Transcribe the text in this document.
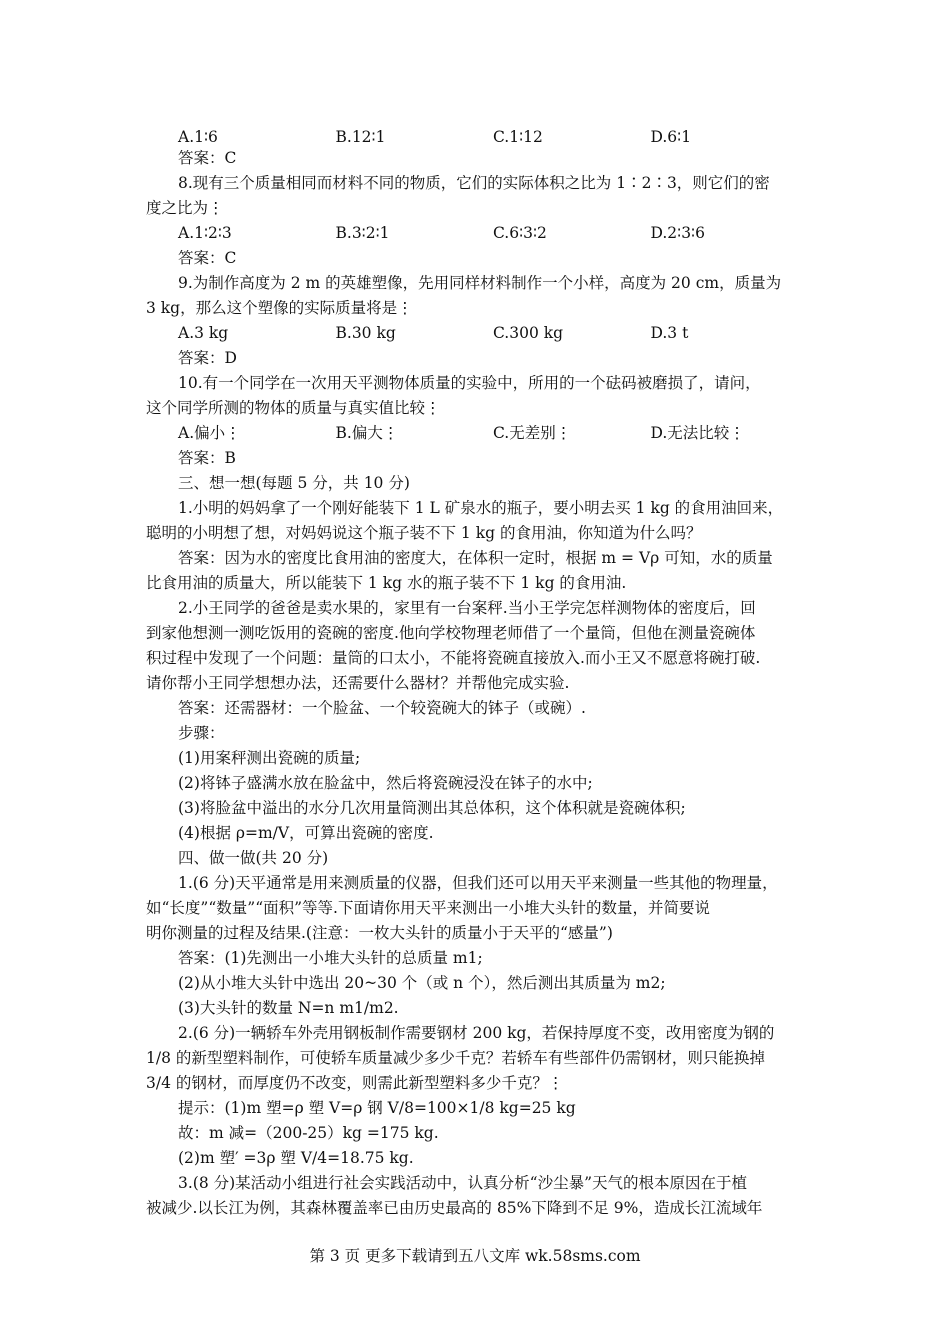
A.1∶6	B.12∶1	C.1∶12	D.6∶1
答案：C
8.现有三个质量相同而材料不同的物质，它们的实际体积之比为 1∶2∶3，则它们的密
度之比为⋮
A.1∶2∶3	B.3∶2∶1	C.6∶3∶2	D.2∶3∶6
答案：C
9.为制作高度为 2 m 的英雄塑像，先用同样材料制作一个小样，高度为 20 cm，质量为
3 kg，那么这个塑像的实际质量将是⋮
A.3 kg	B.30 kg	C.300 kg	D.3 t
答案：D
10.有一个同学在一次用天平测物体质量的实验中，所用的一个砝码被磨损了，请问，
这个同学所测的物体的质量与真实值比较⋮
A.偏小⋮	B.偏大⋮	C.无差别⋮	D.无法比较⋮
答案：B
三、想一想(每题 5 分，共 10 分)
1.小明的妈妈拿了一个刚好能装下 1 L 矿泉水的瓶子，要小明去买 1 kg 的食用油回来，
聪明的小明想了想，对妈妈说这个瓶子装不下 1 kg 的食用油，你知道为什么吗？
答案：因为水的密度比食用油的密度大，在体积一定时，根据 m = Vρ 可知，水的质量
比食用油的质量大，所以能装下 1 kg 水的瓶子装不下 1 kg 的食用油.
2.小王同学的爸爸是卖水果的，家里有一台案秤.当小王学完怎样测物体的密度后，回
到家他想测一测吃饭用的瓷碗的密度.他向学校物理老师借了一个量筒，但他在测量瓷碗体
积过程中发现了一个问题：量筒的口太小，不能将瓷碗直接放入.而小王又不愿意将碗打破.
请你帮小王同学想想办法，还需要什么器材？并帮他完成实验.
答案：还需器材：一个脸盆、一个较瓷碗大的钵子（或碗）.
步骤：
(1)用案秤测出瓷碗的质量;
(2)将钵子盛满水放在脸盆中，然后将瓷碗浸没在钵子的水中;
(3)将脸盆中溢出的水分几次用量筒测出其总体积，这个体积就是瓷碗体积;
(4)根据 ρ=m/V，可算出瓷碗的密度.
四、做一做(共 20 分)
1.(6 分)天平通常是用来测质量的仪器，但我们还可以用天平来测量一些其他的物理量，
如“长度”“数量”“面积”等等.下面请你用天平来测出一小堆大头针的数量，并简要说
明你测量的过程及结果.(注意：一枚大头针的质量小于天平的“感量”)
答案：(1)先测出一小堆大头针的总质量 m1;
(2)从小堆大头针中选出 20~30 个（或 n 个），然后测出其质量为 m2;
(3)大头针的数量 N=n m1/m2.
2.(6 分)一辆轿车外壳用钢板制作需要钢材 200 kg，若保持厚度不变，改用密度为钢的
1/8 的新型塑料制作，可使轿车质量减少多少千克？若轿车有些部件仍需钢材，则只能换掉
3/4 的钢材，而厚度仍不改变，则需此新型塑料多少千克？⋮
提示：(1)m 塑=ρ 塑 V=ρ 钢 V/8=100×1/8 kg=25 kg
故：m 减=（200-25）kg =175 kg.
(2)m 塑′ =3ρ 塑 V/4=18.75 kg.
3.(8 分)某活动小组进行社会实践活动中，认真分析“沙尘暴”天气的根本原因在于植
被减少.以长江为例，其森林覆盖率已由历史最高的 85%下降到不足 9%，造成长江流域年
第 3 页 更多下载请到五八文库 wk.58sms.com
